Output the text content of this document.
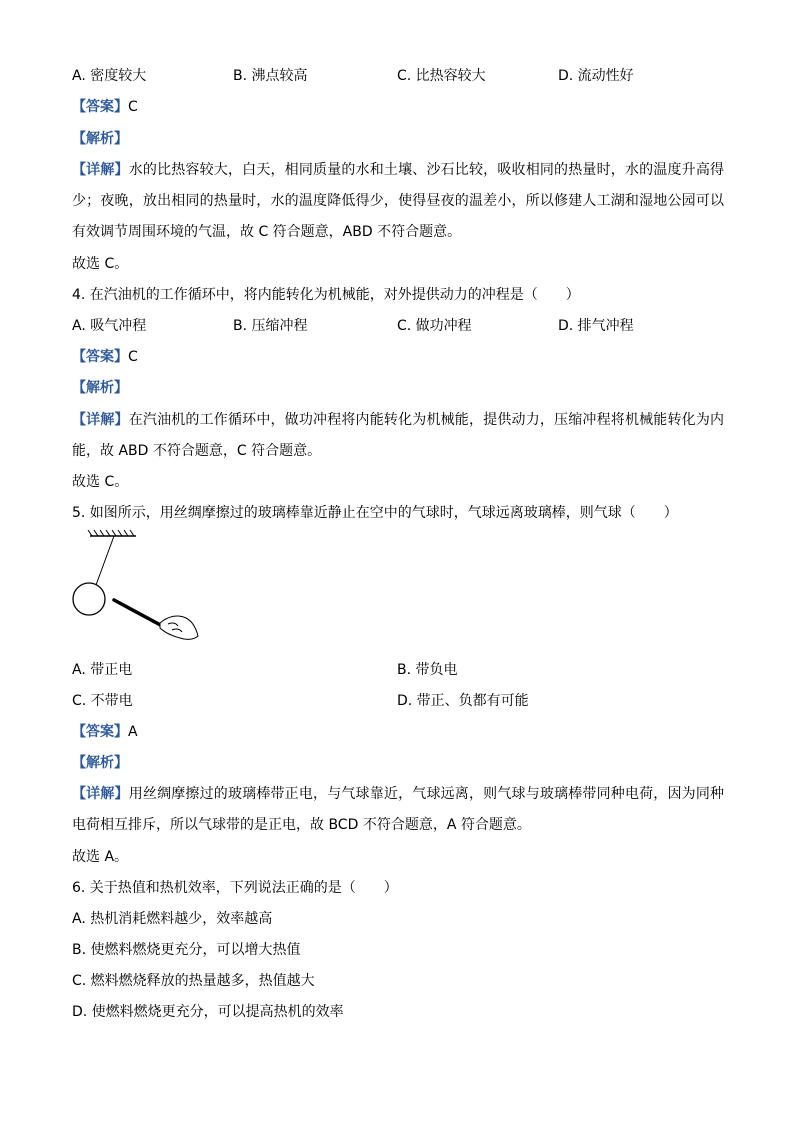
A. 密度较大	B. 沸点较高	C. 比热容较大	D. 流动性好
【答案】C
【解析】
【详解】水的比热容较大，白天，相同质量的水和土壤、沙石比较，吸收相同的热量时，水的温度升高得少；夜晚，放出相同的热量时，水的温度降低得少，使得昼夜的温差小，所以修建人工湖和湿地公园可以有效调节周围环境的气温，故 C 符合题意，ABD 不符合题意。
故选 C。
4. 在汽油机的工作循环中，将内能转化为机械能，对外提供动力的冲程是（　　）
A. 吸气冲程	B. 压缩冲程	C. 做功冲程	D. 排气冲程
【答案】C
【解析】
【详解】在汽油机的工作循环中，做功冲程将内能转化为机械能，提供动力，压缩冲程将机械能转化为内能，故 ABD 不符合题意，C 符合题意。
故选 C。
5. 如图所示，用丝绸摩擦过的玻璃棒靠近静止在空中的气球时，气球远离玻璃棒，则气球（　　）
A. 带正电	B. 带负电
C. 不带电	D. 带正、负都有可能
【答案】A
【解析】
【详解】用丝绸摩擦过的玻璃棒带正电，与气球靠近，气球远离，则气球与玻璃棒带同种电荷，因为同种电荷相互排斥，所以气球带的是正电，故 BCD 不符合题意，A 符合题意。
故选 A。
6. 关于热值和热机效率，下列说法正确的是（　　）
A. 热机消耗燃料越少，效率越高
B. 使燃料燃烧更充分，可以增大热值
C. 燃料燃烧释放的热量越多，热值越大
D. 使燃料燃烧更充分，可以提高热机的效率
